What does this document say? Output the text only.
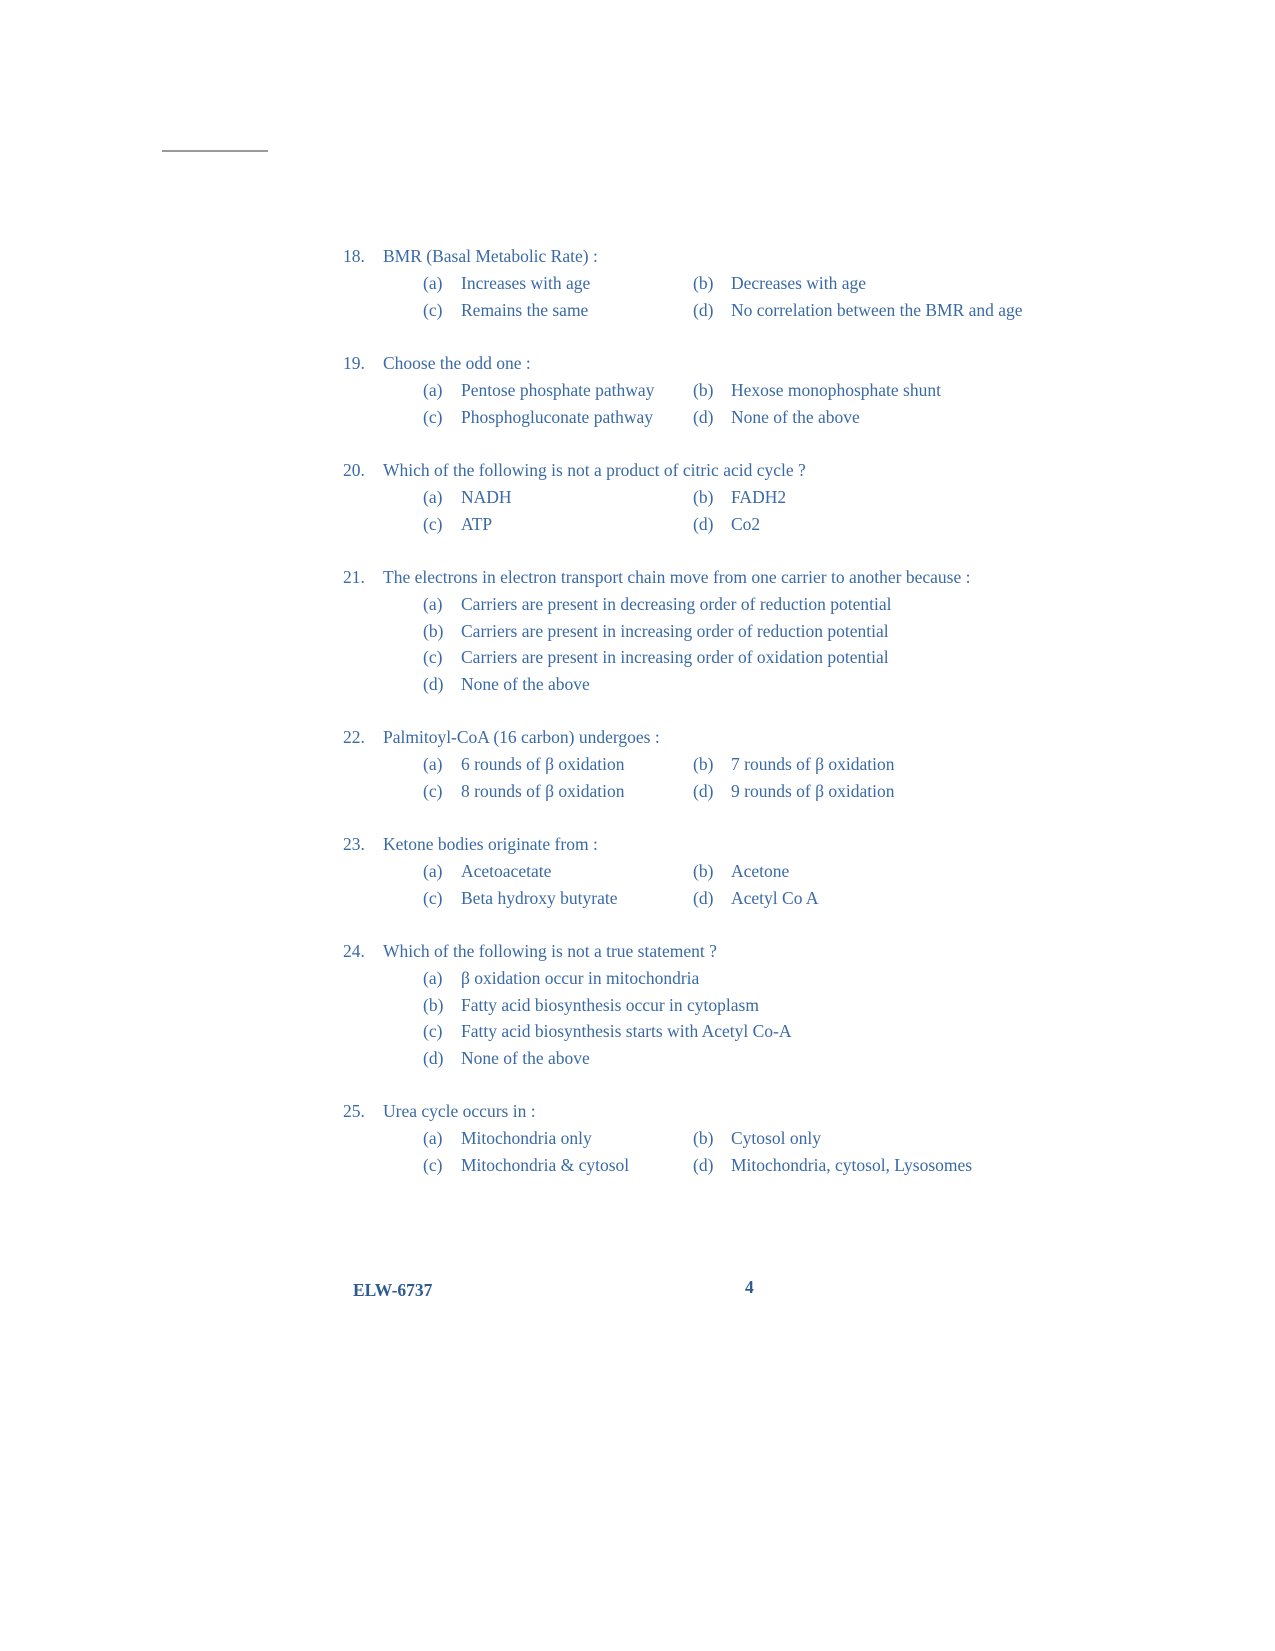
18.	BMR (Basal Metabolic Rate) :
(a)	Increases with age	(b)	Decreases with age
(c)	Remains the same	(d)	No correlation between the BMR and age
19.	Choose the odd one :
(a)	Pentose phosphate pathway	(b)	Hexose monophosphate shunt
(c)	Phosphogluconate pathway	(d)	None of the above
20.	Which of the following is not a product of citric acid cycle ?
(a)	NADH	(b)	FADH2
(c)	ATP	(d)	Co2
21.	The electrons in electron transport chain move from one carrier to another because :
(a)	Carriers are present in decreasing order of reduction potential
(b)	Carriers are present in increasing order of reduction potential
(c)	Carriers are present in increasing order of oxidation potential
(d)	None of the above
22.	Palmitoyl-CoA (16 carbon) undergoes :
(a)	6 rounds of β oxidation	(b)	7 rounds of β oxidation
(c)	8 rounds of β oxidation	(d)	9 rounds of β oxidation
23.	Ketone bodies originate from :
(a)	Acetoacetate	(b)	Acetone
(c)	Beta hydroxy butyrate	(d)	Acetyl Co A
24.	Which of the following is not a true statement ?
(a)	β oxidation occur in mitochondria
(b)	Fatty acid biosynthesis occur in cytoplasm
(c)	Fatty acid biosynthesis starts with Acetyl Co-A
(d)	None of the above
25.	Urea cycle occurs in :
(a)	Mitochondria only	(b)	Cytosol only
(c)	Mitochondria & cytosol	(d)	Mitochondria, cytosol, Lysosomes
ELW-6737	4
